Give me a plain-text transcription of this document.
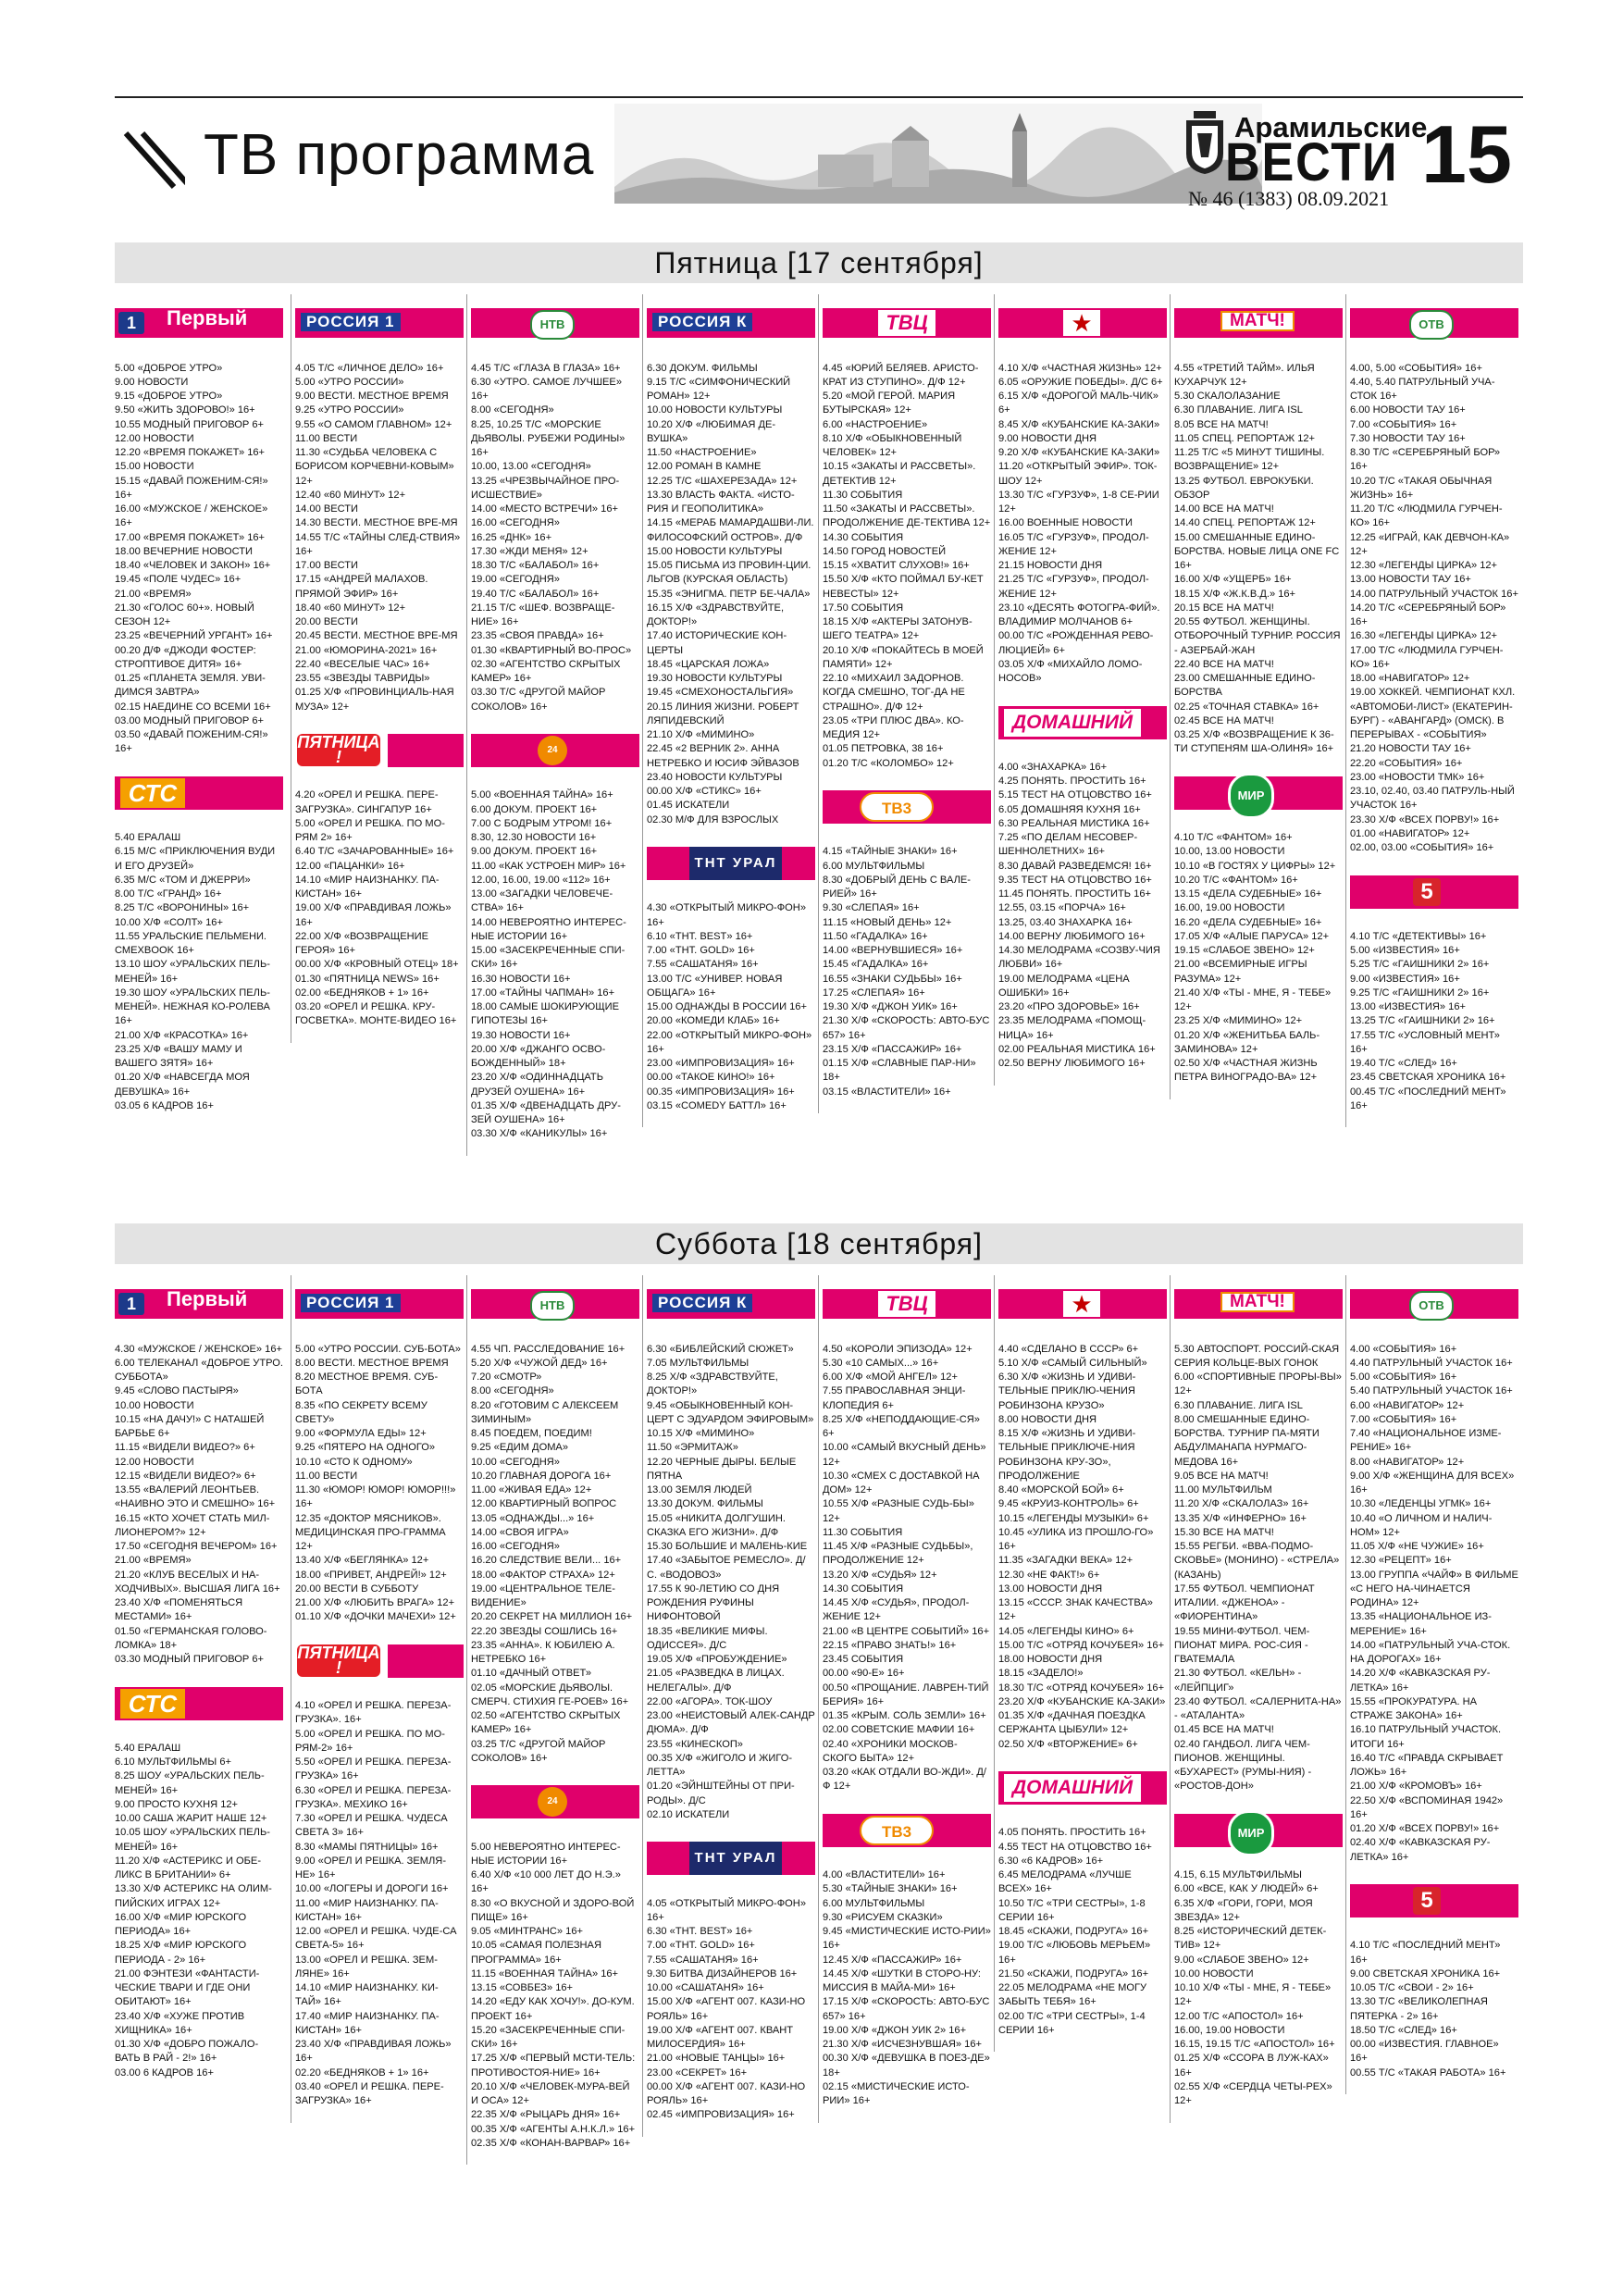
ТВ программа	Арамильские
ВЕСТИ 15
№ 46 (1383) 08.09.2021
Пятница [17 сентября]

1	Первый

5.00 «ДОБРОЕ УТРО»
9.00 НОВОСТИ
9.15 «ДОБРОЕ УТРО»
9.50 «ЖИТЬ ЗДОРОВО!» 16+
10.55 МОДНЫЙ ПРИГОВОР 6+
12.00 НОВОСТИ
12.20 «ВРЕМЯ ПОКАЖЕТ» 16+
15.00 НОВОСТИ
15.15 «ДАВАЙ ПОЖЕНИМ-СЯ!» 16+
16.00 «МУЖСКОЕ / ЖЕНСКОЕ» 16+
17.00 «ВРЕМЯ ПОКАЖЕТ» 16+
18.00 ВЕЧЕРНИЕ НОВОСТИ
18.40 «ЧЕЛОВЕК И ЗАКОН» 16+
19.45 «ПОЛЕ ЧУДЕС» 16+
21.00 «ВРЕМЯ»
21.30 «ГОЛОС 60+». НОВЫЙ СЕЗОН 12+
23.25 «ВЕЧЕРНИЙ УРГАНТ» 16+
00.20 Д/Ф «ДЖОДИ ФОСТЕР: СТРОПТИВОЕ ДИТЯ» 16+
01.25 «ПЛАНЕТА ЗЕМЛЯ. УВИ-ДИМСЯ ЗАВТРА»
02.15 НАЕДИНЕ СО ВСЕМИ 16+
03.00 МОДНЫЙ ПРИГОВОР 6+
03.50 «ДАВАЙ ПОЖЕНИМ-СЯ!» 16+

СТС

5.40 ЕРАЛАШ
6.15 М/С «ПРИКЛЮЧЕНИЯ ВУДИ И ЕГО ДРУЗЕЙ»
6.35 М/С «ТОМ И ДЖЕРРИ»
8.00 Т/С «ГРАНД» 16+
8.25 Т/С «ВОРОНИНЫ» 16+
10.00 Х/Ф «СОЛТ» 16+
11.55 УРАЛЬСКИЕ ПЕЛЬМЕНИ. СМЕХBOOK 16+
13.10 ШОУ «УРАЛЬСКИХ ПЕЛЬ-МЕНЕЙ» 16+
19.30 ШОУ «УРАЛЬСКИХ ПЕЛЬ-МЕНЕЙ». НЕЖНАЯ КО-РОЛЕВА 16+
21.00 Х/Ф «КРАСОТКА» 16+
23.25 Х/Ф «ВАШУ МАМУ И ВАШЕГО ЗЯТЯ» 16+
01.20 Х/Ф «НАВСЕГДА МОЯ ДЕВУШКА» 16+
03.05 6 КАДРОВ 16+

РОССИЯ 1

4.05 Т/С «ЛИЧНОЕ ДЕЛО» 16+
5.00 «УТРО РОССИИ»
9.00 ВЕСТИ. МЕСТНОЕ ВРЕМЯ
9.25 «УТРО РОССИИ»
9.55 «О САМОМ ГЛАВНОМ» 12+
11.00 ВЕСТИ
11.30 «СУДЬБА ЧЕЛОВЕКА С БОРИСОМ КОРЧЕВНИ-КОВЫМ» 12+
12.40 «60 МИНУТ» 12+
14.00 ВЕСТИ
14.30 ВЕСТИ. МЕСТНОЕ ВРЕ-МЯ
14.55 Т/С «ТАЙНЫ СЛЕД-СТВИЯ» 16+
17.00 ВЕСТИ
17.15 «АНДРЕЙ МАЛАХОВ. ПРЯМОЙ ЭФИР» 16+
18.40 «60 МИНУТ» 12+
20.00 ВЕСТИ
20.45 ВЕСТИ. МЕСТНОЕ ВРЕ-МЯ
21.00 «ЮМОРИНА-2021» 16+
22.40 «ВЕСЕЛЫЕ ЧАС» 16+
23.55 «ЗВЕЗДЫ ТАВРИДЫ»
01.25 Х/Ф «ПРОВИНЦИАЛЬ-НАЯ МУЗА» 12+

ПЯТНИЦА!

4.20 «ОРЕЛ И РЕШКА. ПЕРЕ-ЗАГРУЗКА». СИНГАПУР 16+
5.00 «ОРЕЛ И РЕШКА. ПО МО-РЯМ 2» 16+
6.40 Т/С «ЗАЧАРОВАННЫЕ» 16+
12.00 «ПАЦАНКИ» 16+
14.10 «МИР НАИЗНАНКУ. ПА-КИСТАН» 16+
19.00 Х/Ф «ПРАВДИВАЯ ЛОЖЬ» 16+
22.00 Х/Ф «ВОЗВРАЩЕНИЕ ГЕРОЯ» 16+
00.00 Х/Ф «КРОВНЫЙ ОТЕЦ» 18+
01.30 «ПЯТНИЦА NEWS» 16+
02.00 «БЕДНЯКОВ + 1» 16+
03.20 «ОРЕЛ И РЕШКА. КРУ-ГОСВЕТКА». МОНТЕ-ВИДЕО 16+

НТВ

4.45 Т/С «ГЛАЗА В ГЛАЗА» 16+
6.30 «УТРО. САМОЕ ЛУЧШЕЕ» 16+
8.00 «СЕГОДНЯ»
8.25, 10.25 Т/С «МОРСКИЕ ДЬЯВОЛЫ. РУБЕЖИ РОДИНЫ» 16+
10.00, 13.00 «СЕГОДНЯ»
13.25 «ЧРЕЗВЫЧАЙНОЕ ПРО-ИСШЕСТВИЕ»
14.00 «МЕСТО ВСТРЕЧИ» 16+
16.00 «СЕГОДНЯ»
16.25 «ДНК» 16+
17.30 «ЖДИ МЕНЯ» 12+
18.30 Т/С «БАЛАБОЛ» 16+
19.00 «СЕГОДНЯ»
19.40 Т/С «БАЛАБОЛ» 16+
21.15 Т/С «ШЕФ. ВОЗВРАЩЕ-НИЕ» 16+
23.35 «СВОЯ ПРАВДА» 16+
01.30 «КВАРТИРНЫЙ ВО-ПРОС»
02.30 «АГЕНТСТВО СКРЫТЫХ КАМЕР» 16+
03.30 Т/С «ДРУГОЙ МАЙОР СОКОЛОВ» 16+

24

5.00 «ВОЕННАЯ ТАЙНА» 16+
6.00 ДОКУМ. ПРОЕКТ 16+
7.00 С БОДРЫМ УТРОМ! 16+
8.30, 12.30 НОВОСТИ 16+
9.00 ДОКУМ. ПРОЕКТ 16+
11.00 «КАК УСТРОЕН МИР» 16+
12.00, 16.00, 19.00 «112» 16+
13.00 «ЗАГАДКИ ЧЕЛОВЕЧЕ-СТВА» 16+
14.00 НЕВЕРОЯТНО ИНТЕРЕС-НЫЕ ИСТОРИИ 16+
15.00 «ЗАСЕКРЕЧЕННЫЕ СПИ-СКИ» 16+
16.30 НОВОСТИ 16+
17.00 «ТАЙНЫ ЧАПМАН» 16+
18.00 САМЫЕ ШОКИРУЮЩИЕ ГИПОТЕЗЫ 16+
19.30 НОВОСТИ 16+
20.00 Х/Ф «ДЖАНГО ОСВО-БОЖДЕННЫЙ» 18+
23.20 Х/Ф «ОДИННАДЦАТЬ ДРУЗЕЙ ОУШЕНА» 16+
01.35 Х/Ф «ДВЕНАДЦАТЬ ДРУ-ЗЕЙ ОУШЕНА» 16+
03.30 Х/Ф «КАНИКУЛЫ» 16+

РОССИЯ К

6.30 ДОКУМ. ФИЛЬМЫ
9.15 Т/С «СИМФОНИЧЕСКИЙ РОМАН» 12+
10.00 НОВОСТИ КУЛЬТУРЫ
10.20 Х/Ф «ЛЮБИМАЯ ДЕ-ВУШКА»
11.50 «НАСТРОЕНИЕ»
12.00 РОМАН В КАМНЕ
12.25 Т/С «ШАХЕРЕЗАДА» 12+
13.30 ВЛАСТЬ ФАКТА. «ИСТО-РИЯ И ГЕОПОЛИТИКА»
14.15 «МЕРАБ МАМАРДАШВИ-ЛИ. ФИЛОСОФСКИЙ ОСТРОВ». Д/Ф
15.00 НОВОСТИ КУЛЬТУРЫ
15.05 ПИСЬМА ИЗ ПРОВИН-ЦИИ. ЛЬГОВ (КУРСКАЯ ОБЛАСТЬ)
15.35 «ЭНИГМА. ПЕТР БЕ-ЧАЛА»
16.15 Х/Ф «ЗДРАВСТВУЙТЕ, ДОКТОР!»
17.40 ИСТОРИЧЕСКИЕ КОН-ЦЕРТЫ
18.45 «ЦАРСКАЯ ЛОЖА»
19.30 НОВОСТИ КУЛЬТУРЫ
19.45 «СМЕХОНОСТАЛЬГИЯ»
20.15 ЛИНИЯ ЖИЗНИ. РОБЕРТ ЛЯПИДЕВСКИЙ
21.10 Х/Ф «МИМИНО»
22.45 «2 ВЕРНИК 2». АННА НЕТРЕБКО И ЮСИФ ЭЙВАЗОВ
23.40 НОВОСТИ КУЛЬТУРЫ
00.00 Х/Ф «СТИКС» 16+
01.45 ИСКАТЕЛИ
02.30 М/Ф ДЛЯ ВЗРОСЛЫХ

ТНТ УРАЛ

4.30 «ОТКРЫТЫЙ МИКРО-ФОН» 16+
6.10 «THT. BEST» 16+
7.00 «THT. GOLD» 16+
7.55 «САШАТАНЯ» 16+
13.00 Т/С «УНИВЕР. НОВАЯ ОБЩАГА» 16+
15.00 ОДНАЖДЫ В РОССИИ 16+
20.00 «КОМЕДИ КЛАБ» 16+
22.00 «ОТКРЫТЫЙ МИКРО-ФОН» 16+
23.00 «ИМПРОВИЗАЦИЯ» 16+
00.00 «ТАКОЕ КИНО!» 16+
00.35 «ИМПРОВИЗАЦИЯ» 16+
03.15 «COMEDY БАТТЛ» 16+

ТВЦ

4.45 «ЮРИЙ БЕЛЯЕВ. АРИСТО-КРАТ ИЗ СТУПИНО». Д/Ф 12+
5.20 «МОЙ ГЕРОЙ. МАРИЯ БУТЫРСКАЯ» 12+
6.00 «НАСТРОЕНИЕ»
8.10 Х/Ф «ОБЫКНОВЕННЫЙ ЧЕЛОВЕК» 12+
10.15 «ЗАКАТЫ И РАССВЕТЫ». ДЕТЕКТИВ 12+
11.30 СОБЫТИЯ
11.50 «ЗАКАТЫ И РАССВЕТЫ». ПРОДОЛЖЕНИЕ ДЕ-ТЕКТИВА 12+
14.30 СОБЫТИЯ
14.50 ГОРОД НОВОСТЕЙ
15.15 «ХВАТИТ СЛУХОВ!» 16+
15.50 Х/Ф «КТО ПОЙМАЛ БУ-КЕТ НЕВЕСТЫ» 12+
17.50 СОБЫТИЯ
18.15 Х/Ф «АКТЕРЫ ЗАТОНУВ-ШЕГО ТЕАТРА» 12+
20.10 Х/Ф «ПОКАЙТЕСЬ В МОЕЙ ПАМЯТИ» 12+
22.10 «МИХАИЛ ЗАДОРНОВ. КОГДА СМЕШНО, ТОГ-ДА НЕ СТРАШНО». Д/Ф 12+
23.05 «ТРИ ПЛЮС ДВА». КО-МЕДИЯ 12+
01.05 ПЕТРОВКА, 38 16+
01.20 Т/С «КОЛОМБО» 12+

ТВ3

4.15 «ТАЙНЫЕ ЗНАКИ» 16+
6.00 МУЛЬТФИЛЬМЫ
8.30 «ДОБРЫЙ ДЕНЬ С ВАЛЕ-РИЕЙ» 16+
9.30 «СЛЕПАЯ» 16+
11.15 «НОВЫЙ ДЕНЬ» 12+
11.50 «ГАДАЛКА» 16+
14.00 «ВЕРНУВШИЕСЯ» 16+
15.45 «ГАДАЛКА» 16+
16.55 «ЗНАКИ СУДЬБЫ» 16+
17.25 «СЛЕПАЯ» 16+
19.30 Х/Ф «ДЖОН УИК» 16+
21.30 Х/Ф «СКОРОСТЬ: АВТО-БУС 657» 16+
23.15 Х/Ф «ПАССАЖИР» 16+
01.15 Х/Ф «СЛАВНЫЕ ПАР-НИ» 18+
03.15 «ВЛАСТИТЕЛИ» 16+

★

4.10 Х/Ф «ЧАСТНАЯ ЖИЗНЬ» 12+
6.05 «ОРУЖИЕ ПОБЕДЫ». Д/С 6+
6.15 Х/Ф «ДОРОГОЙ МАЛЬ-ЧИК» 6+
8.45 Х/Ф «КУБАНСКИЕ КА-ЗАКИ»
9.00 НОВОСТИ ДНЯ
9.20 Х/Ф «КУБАНСКИЕ КА-ЗАКИ»
11.20 «ОТКРЫТЫЙ ЭФИР». ТОК-ШОУ 12+
13.30 Т/С «ГУРЗУФ», 1-8 СЕ-РИИ 12+
16.00 ВОЕННЫЕ НОВОСТИ
16.05 Т/С «ГУРЗУФ», ПРОДОЛ-ЖЕНИЕ 12+
21.15 НОВОСТИ ДНЯ
21.25 Т/С «ГУРЗУФ», ПРОДОЛ-ЖЕНИЕ 12+
23.10 «ДЕСЯТЬ ФОТОГРА-ФИЙ». ВЛАДИМИР МОЛЧАНОВ 6+
00.00 Т/С «РОЖДЕННАЯ РЕВО-ЛЮЦИЕЙ» 6+
03.05 Х/Ф «МИХАЙЛО ЛОМО-НОСОВ»

ДОМАШНИЙ

4.00 «ЗНАХАРКА» 16+
4.25 ПОНЯТЬ. ПРОСТИТЬ 16+
5.15 ТЕСТ НА ОТЦОВСТВО 16+
6.05 ДОМАШНЯЯ КУХНЯ 16+
6.30 РЕАЛЬНАЯ МИСТИКА 16+
7.25 «ПО ДЕЛАМ НЕСОВЕР-ШЕННОЛЕТНИХ» 16+
8.30 ДАВАЙ РАЗВЕДЕМСЯ! 16+
9.35 ТЕСТ НА ОТЦОВСТВО 16+
11.45 ПОНЯТЬ. ПРОСТИТЬ 16+
12.55, 03.15 «ПОРЧА» 16+
13.25, 03.40 ЗНАХАРКА 16+
14.00 ВЕРНУ ЛЮБИМОГО 16+
14.30 МЕЛОДРАМА «СОЗВУ-ЧИЯ ЛЮБВИ» 16+
19.00 МЕЛОДРАМА «ЦЕНА ОШИБКИ» 16+
23.20 «ПРО ЗДОРОВЬЕ» 16+
23.35 МЕЛОДРАМА «ПОМОЩ-НИЦА» 16+
02.00 РЕАЛЬНАЯ МИСТИКА 16+
02.50 ВЕРНУ ЛЮБИМОГО 16+

МАТЧ!

4.55 «ТРЕТИЙ ТАЙМ». ИЛЬЯ КУХАРЧУК 12+
5.30 СКАЛОЛАЗАНИЕ
6.30 ПЛАВАНИЕ. ЛИГА ISL
8.05 ВСЕ НА МАТЧ!
11.05 СПЕЦ. РЕПОРТАЖ 12+
11.25 Т/С «5 МИНУТ ТИШИНЫ. ВОЗВРАЩЕНИЕ» 12+
13.25 ФУТБОЛ. ЕВРОКУБКИ. ОБЗОР
14.00 ВСЕ НА МАТЧ!
14.40 СПЕЦ. РЕПОРТАЖ 12+
15.00 СМЕШАННЫЕ ЕДИНО-БОРСТВА. НОВЫЕ ЛИЦА ONE FC 16+
16.00 Х/Ф «УЩЕРБ» 16+
18.15 Х/Ф «Ж.К.В.Д.» 16+
20.15 ВСЕ НА МАТЧ!
20.55 ФУТБОЛ. ЖЕНЩИНЫ. ОТБОРОЧНЫЙ ТУРНИР. РОССИЯ - АЗЕРБАЙ-ЖАН
22.40 ВСЕ НА МАТЧ!
23.00 СМЕШАННЫЕ ЕДИНО-БОРСТВА
02.25 «ТОЧНАЯ СТАВКА» 16+
02.45 ВСЕ НА МАТЧ!
03.25 Х/Ф «ВОЗВРАЩЕНИЕ К 36-ТИ СТУПЕНЯМ ША-ОЛИНЯ» 16+

МИР

4.10 Т/С «ФАНТОМ» 16+
10.00, 13.00 НОВОСТИ
10.10 «В ГОСТЯХ У ЦИФРЫ» 12+
10.20 Т/С «ФАНТОМ» 16+
13.15 «ДЕЛА СУДЕБНЫЕ» 16+
16.00, 19.00 НОВОСТИ
16.20 «ДЕЛА СУДЕБНЫЕ» 16+
17.05 Х/Ф «АЛЫЕ ПАРУСА» 12+
19.15 «СЛАБОЕ ЗВЕНО» 12+
21.00 «ВСЕМИРНЫЕ ИГРЫ РАЗУМА» 12+
21.40 Х/Ф «ТЫ - МНЕ, Я - ТЕБЕ» 12+
23.25 Х/Ф «МИМИНО» 12+
01.20 Х/Ф «ЖЕНИТЬБА БАЛЬ-ЗАМИНОВА» 12+
02.50 Х/Ф «ЧАСТНАЯ ЖИЗНЬ ПЕТРА ВИНОГРАДО-ВА» 12+

ОТВ

4.00, 5.00 «СОБЫТИЯ» 16+
4.40, 5.40 ПАТРУЛЬНЫЙ УЧА-СТОК 16+
6.00 НОВОСТИ ТАУ 16+
7.00 «СОБЫТИЯ» 16+
7.30 НОВОСТИ ТАУ 16+
8.30 Т/С «СЕРЕБРЯНЫЙ БОР» 16+
10.20 Т/С «ТАКАЯ ОБЫЧНАЯ ЖИЗНЬ» 16+
11.20 Т/С «ЛЮДМИЛА ГУРЧЕН-КО» 16+
12.25 «ИГРАЙ, КАК ДЕВЧОН-КА» 12+
12.30 «ЛЕГЕНДЫ ЦИРКА» 12+
13.00 НОВОСТИ ТАУ 16+
14.00 ПАТРУЛЬНЫЙ УЧАСТОК 16+
14.20 Т/С «СЕРЕБРЯНЫЙ БОР» 16+
16.30 «ЛЕГЕНДЫ ЦИРКА» 12+
17.00 Т/С «ЛЮДМИЛА ГУРЧЕН-КО» 16+
18.00 «НАВИГАТОР» 12+
19.00 ХОККЕЙ. ЧЕМПИОНАТ КХЛ. «АВТОМОБИ-ЛИСТ» (ЕКАТЕРИН-БУРГ) - «АВАНГАРД» (ОМСК). В ПЕРЕРЫВАХ - «СОБЫТИЯ»
21.20 НОВОСТИ ТАУ 16+
22.20 «СОБЫТИЯ» 16+
23.00 «НОВОСТИ ТМК» 16+
23.10, 02.40, 03.40 ПАТРУЛЬ-НЫЙ УЧАСТОК 16+
23.30 Х/Ф «ВСЕХ ПОРВУ!» 16+
01.00 «НАВИГАТОР» 12+
02.00, 03.00 «СОБЫТИЯ» 16+

5

4.10 Т/С «ДЕТЕКТИВЫ» 16+
5.00 «ИЗВЕСТИЯ» 16+
5.25 Т/С «ГАИШНИКИ 2» 16+
9.00 «ИЗВЕСТИЯ» 16+
9.25 Т/С «ГАИШНИКИ 2» 16+
13.00 «ИЗВЕСТИЯ» 16+
13.25 Т/С «ГАИШНИКИ 2» 16+
17.55 Т/С «УСЛОВНЫЙ МЕНТ» 16+
19.40 Т/С «СЛЕД» 16+
23.45 СВЕТСКАЯ ХРОНИКА 16+
00.45 Т/С «ПОСЛЕДНИЙ МЕНТ» 16+

Суббота [18 сентября]

1	Первый

4.30 «МУЖСКОЕ / ЖЕНСКОЕ» 16+
6.00 ТЕЛЕКАНАЛ «ДОБРОЕ УТРО. СУББОТА»
9.45 «СЛОВО ПАСТЫРЯ»
10.00 НОВОСТИ
10.15 «НА ДАЧУ!» С НАТАШЕЙ БАРБЬЕ 6+
11.15 «ВИДЕЛИ ВИДЕО?» 6+
12.00 НОВОСТИ
12.15 «ВИДЕЛИ ВИДЕО?» 6+
13.55 «ВАЛЕРИЙ ЛЕОНТЬЕВ. «НАИВНО ЭТО И СМЕШНО» 16+
16.15 «КТО ХОЧЕТ СТАТЬ МИЛ-ЛИОНЕРОМ?» 12+
17.50 «СЕГОДНЯ ВЕЧЕРОМ» 16+
21.00 «ВРЕМЯ»
21.20 «КЛУБ ВЕСЕЛЫХ И НА-ХОДЧИВЫХ». ВЫСШАЯ ЛИГА 16+
23.40 Х/Ф «ПОМЕНЯТЬСЯ МЕСТАМИ» 16+
01.50 «ГЕРМАНСКАЯ ГОЛОВО-ЛОМКА» 18+
03.30 МОДНЫЙ ПРИГОВОР 6+

СТС

5.40 ЕРАЛАШ
6.10 МУЛЬТФИЛЬМЫ 6+
8.25 ШОУ «УРАЛЬСКИХ ПЕЛЬ-МЕНЕЙ» 16+
9.00 ПРОСТО КУХНЯ 12+
10.00 САША ЖАРИТ НАШЕ 12+
10.05 ШОУ «УРАЛЬСКИХ ПЕЛЬ-МЕНЕЙ» 16+
11.20 Х/Ф «АСТЕРИКС И ОБЕ-ЛИКС В БРИТАНИИ» 6+
13.30 Х/Ф АСТЕРИКС НА ОЛИМ-ПИЙСКИХ ИГРАХ 12+
16.00 Х/Ф «МИР ЮРСКОГО ПЕРИОДА» 16+
18.25 Х/Ф «МИР ЮРСКОГО ПЕРИОДА - 2» 16+
21.00 ФЭНТЕЗИ «ФАНТАСТИ-ЧЕСКИЕ ТВАРИ И ГДЕ ОНИ ОБИТАЮТ» 16+
23.40 Х/Ф «ХУЖЕ ПРОТИВ ХИЩНИКА» 16+
01.30 Х/Ф «ДОБРО ПОЖАЛО-ВАТЬ В РАЙ - 2!» 16+
03.00 6 КАДРОВ 16+

РОССИЯ 1

5.00 «УТРО РОССИИ. СУБ-БОТА»
8.00 ВЕСТИ. МЕСТНОЕ ВРЕМЯ
8.20 МЕСТНОЕ ВРЕМЯ. СУБ-БОТА
8.35 «ПО СЕКРЕТУ ВСЕМУ СВЕТУ»
9.00 «ФОРМУЛА ЕДЫ» 12+
9.25 «ПЯТЕРО НА ОДНОГО»
10.10 «СТО К ОДНОМУ»
11.00 ВЕСТИ
11.30 «ЮМОР! ЮМОР! ЮМОР!!!» 16+
12.35 «ДОКТОР МЯСНИКОВ». МЕДИЦИНСКАЯ ПРО-ГРАММА 12+
13.40 Х/Ф «БЕГЛЯНКА» 12+
18.00 «ПРИВЕТ, АНДРЕЙ!» 12+
20.00 ВЕСТИ В СУББОТУ
21.00 Х/Ф «ЛЮБИТЬ ВРАГА» 12+
01.10 Х/Ф «ДОЧКИ МАЧЕХИ» 12+

ПЯТНИЦА!

4.10 «ОРЕЛ И РЕШКА. ПЕРЕЗА-ГРУЗКА». 16+
5.00 «ОРЕЛ И РЕШКА. ПО МО-РЯМ-2» 16+
5.50 «ОРЕЛ И РЕШКА. ПЕРЕЗА-ГРУЗКА» 16+
6.30 «ОРЕЛ И РЕШКА. ПЕРЕЗА-ГРУЗКА». МЕХИКО 16+
7.30 «ОРЕЛ И РЕШКА. ЧУДЕСА СВЕТА 3» 16+
8.30 «МАМЫ ПЯТНИЦЫ» 16+
9.00 «ОРЕЛ И РЕШКА. ЗЕМЛЯ-НЕ» 16+
10.00 «ЛОГЕРЫ И ДОРОГИ 16+
11.00 «МИР НАИЗНАНКУ. ПА-КИСТАН» 16+
12.00 «ОРЕЛ И РЕШКА. ЧУДЕ-СА СВЕТА-5» 16+
13.00 «ОРЕЛ И РЕШКА. ЗЕМ-ЛЯНЕ» 16+
14.10 «МИР НАИЗНАНКУ. КИ-ТАЙ» 16+
17.40 «МИР НАИЗНАНКУ. ПА-КИСТАН» 16+
23.40 Х/Ф «ПРАВДИВАЯ ЛОЖЬ» 16+
02.20 «БЕДНЯКОВ + 1» 16+
03.40 «ОРЕЛ И РЕШКА. ПЕРЕ-ЗАГРУЗКА» 16+

НТВ

4.55 ЧП. РАССЛЕДОВАНИЕ 16+
5.20 Х/Ф «ЧУЖОЙ ДЕД» 16+
7.20 «СМОТР»
8.00 «СЕГОДНЯ»
8.20 «ГОТОВИМ С АЛЕКСЕЕМ ЗИМИНЫМ»
8.45 ПОЕДЕМ, ПОЕДИМ!
9.25 «ЕДИМ ДОМА»
10.00 «СЕГОДНЯ»
10.20 ГЛАВНАЯ ДОРОГА 16+
11.00 «ЖИВАЯ ЕДА» 12+
12.00 КВАРТИРНЫЙ ВОПРОС
13.05 «ОДНАЖДЫ...» 16+
14.00 «СВОЯ ИГРА»
16.00 «СЕГОДНЯ»
16.20 СЛЕДСТВИЕ ВЕЛИ... 16+
18.00 «ФАКТОР СТРАХА» 12+
19.00 «ЦЕНТРАЛЬНОЕ ТЕЛЕ-ВИДЕНИЕ»
20.20 СЕКРЕТ НА МИЛЛИОН 16+
22.20 ЗВЕЗДЫ СОШЛИСЬ 16+
23.35 «АННА». К ЮБИЛЕЮ А. НЕТРЕБКО 16+
01.10 «ДАЧНЫЙ ОТВЕТ»
02.05 «МОРСКИЕ ДЬЯВОЛЫ. СМЕРЧ. СТИХИЯ ГЕ-РОЕВ» 16+
02.50 «АГЕНТСТВО СКРЫТЫХ КАМЕР» 16+
03.25 Т/С «ДРУГОЙ МАЙОР СОКОЛОВ» 16+

24

5.00 НЕВЕРОЯТНО ИНТЕРЕС-НЫЕ ИСТОРИИ 16+
6.40 Х/Ф «10 000 ЛЕТ ДО Н.Э.» 16+
8.30 «О ВКУСНОЙ И ЗДОРО-ВОЙ ПИЩЕ» 16+
9.05 «МИНТРАНС» 16+
10.05 «САМАЯ ПОЛЕЗНАЯ ПРОГРАММА» 16+
11.15 «ВОЕННАЯ ТАЙНА» 16+
13.15 «СОВБЕЗ» 16+
14.20 «ЕДУ КАК ХОЧУ!». ДО-КУМ. ПРОЕКТ 16+
15.20 «ЗАСЕКРЕЧЕННЫЕ СПИ-СКИ» 16+
17.25 Х/Ф «ПЕРВЫЙ МСТИ-ТЕЛЬ: ПРОТИВОСТОЯ-НИЕ» 16+
20.10 Х/Ф «ЧЕЛОВЕК-МУРА-ВЕЙ И ОСА» 12+
22.35 Х/Ф «РЫЦАРЬ ДНЯ» 16+
00.35 Х/Ф «АГЕНТЫ А.Н.К.Л.» 16+
02.35 Х/Ф «КОНАН-ВАРВАР» 16+

РОССИЯ К

6.30 «БИБЛЕЙСКИЙ СЮЖЕТ»
7.05 МУЛЬТФИЛЬМЫ
8.25 Х/Ф «ЗДРАВСТВУЙТЕ, ДОКТОР!»
9.45 «ОБЫКНОВЕННЫЙ КОН-ЦЕРТ С ЭДУАРДОМ ЭФИРОВЫМ»
10.15 Х/Ф «МИМИНО»
11.50 «ЭРМИТАЖ»
12.20 ЧЕРНЫЕ ДЫРЫ. БЕЛЫЕ ПЯТНА
13.00 ЗЕМЛЯ ЛЮДЕЙ
13.30 ДОКУМ. ФИЛЬМЫ
15.05 «НИКИТА ДОЛГУШИН. СКАЗКА ЕГО ЖИЗНИ». Д/Ф
15.30 БОЛЬШИЕ И МАЛЕНЬ-КИЕ
17.40 «ЗАБЫТОЕ РЕМЕСЛО». Д/С. «ВОДОВОЗ»
17.55 К 90-ЛЕТИЮ СО ДНЯ РОЖДЕНИЯ РУФИНЫ НИФОНТОВОЙ
18.35 «ВЕЛИКИЕ МИФЫ. ОДИССЕЯ». Д/С
19.05 Х/Ф «ПРОБУЖДЕНИЕ»
21.05 «РАЗВЕДКА В ЛИЦАХ. НЕЛЕГАЛЫ». Д/Ф
22.00 «АГОРА». ТОК-ШОУ
23.00 «НЕИСТОВЫЙ АЛЕК-САНДР ДЮМА». Д/Ф
23.55 «КИНЕСКОП»
00.35 Х/Ф «ЖИГОЛО И ЖИГО-ЛЕТТА»
01.20 «ЭЙНШТЕЙНЫ ОТ ПРИ-РОДЫ». Д/С
02.10 ИСКАТЕЛИ

ТНТ УРАЛ

4.05 «ОТКРЫТЫЙ МИКРО-ФОН» 16+
6.30 «THT. BEST» 16+
7.00 «THT. GOLD» 16+
7.55 «САШАТАНЯ» 16+
9.30 БИТВА ДИЗАЙНЕРОВ 16+
10.00 «САШАТАНЯ» 16+
15.00 Х/Ф «АГЕНТ 007. КАЗИ-НО РОЯЛЬ» 16+
19.00 Х/Ф «АГЕНТ 007. КВАНТ МИЛОСЕРДИЯ» 16+
21.00 «НОВЫЕ ТАНЦЫ» 16+
23.00 «СЕКРЕТ» 16+
00.00 Х/Ф «АГЕНТ 007. КАЗИ-НО РОЯЛЬ» 16+
02.45 «ИМПРОВИЗАЦИЯ» 16+

ТВЦ

4.50 «КОРОЛИ ЭПИЗОДА» 12+
5.30 «10 САМЫХ...» 16+
6.00 Х/Ф «МОЙ АНГЕЛ» 12+
7.55 ПРАВОСЛАВНАЯ ЭНЦИ-КЛОПЕДИЯ 6+
8.25 Х/Ф «НЕПОДДАЮЩИЕ-СЯ» 6+
10.00 «САМЫЙ ВКУСНЫЙ ДЕНЬ» 12+
10.30 «СМЕХ С ДОСТАВКОЙ НА ДОМ» 12+
10.55 Х/Ф «РАЗНЫЕ СУДЬ-БЫ» 12+
11.30 СОБЫТИЯ
11.45 Х/Ф «РАЗНЫЕ СУДЬБЫ», ПРОДОЛЖЕНИЕ 12+
13.20 Х/Ф «СУДЬЯ» 12+
14.30 СОБЫТИЯ
14.45 Х/Ф «СУДЬЯ», ПРОДОЛ-ЖЕНИЕ 12+
21.00 «В ЦЕНТРЕ СОБЫТИЙ» 16+
22.15 «ПРАВО ЗНАТЬ!» 16+
23.45 СОБЫТИЯ
00.00 «90-Е» 16+
00.50 «ПРОЩАНИЕ. ЛАВРЕН-ТИЙ БЕРИЯ» 16+
01.35 «КРЫМ. СОЛЬ ЗЕМЛИ» 16+
02.00 СОВЕТСКИЕ МАФИИ 16+
02.40 «ХРОНИКИ МОСКОВ-СКОГО БЫТА» 12+
03.20 «КАК ОТДАЛИ ВО-ЖДИ». Д/Ф 12+

ТВ3

4.00 «ВЛАСТИТЕЛИ» 16+
5.30 «ТАЙНЫЕ ЗНАКИ» 16+
6.00 МУЛЬТФИЛЬМЫ
9.30 «РИСУЕМ СКАЗКИ»
9.45 «МИСТИЧЕСКИЕ ИСТО-РИИ» 16+
12.45 Х/Ф «ПАССАЖИР» 16+
14.45 Х/Ф «ШУТКИ В СТОРО-НУ: МИССИЯ В МАЙА-МИ» 16+
17.15 Х/Ф «СКОРОСТЬ: АВТО-БУС 657» 16+
19.00 Х/Ф «ДЖОН УИК 2» 16+
21.30 Х/Ф «ИСЧЕЗНУВШАЯ» 16+
00.30 Х/Ф «ДЕВУШКА В ПОЕЗ-ДЕ» 18+
02.15 «МИСТИЧЕСКИЕ ИСТО-РИИ» 16+

★

4.40 «СДЕЛАНО В СССР» 6+
5.10 Х/Ф «САМЫЙ СИЛЬНЫЙ»
6.30 Х/Ф «ЖИЗНЬ И УДИВИ-ТЕЛЬНЫЕ ПРИКЛЮ-ЧЕНИЯ РОБИНЗОНА КРУЗО»
8.00 НОВОСТИ ДНЯ
8.15 Х/Ф «ЖИЗНЬ И УДИВИ-ТЕЛЬНЫЕ ПРИКЛЮЧЕ-НИЯ РОБИНЗОНА КРУ-ЗО», ПРОДОЛЖЕНИЕ
8.40 «МОРСКОЙ БОЙ» 6+
9.45 «КРУИЗ-КОНТРОЛЬ» 6+
10.15 «ЛЕГЕНДЫ МУЗЫКИ» 6+
10.45 «УЛИКА ИЗ ПРОШЛО-ГО» 16+
11.35 «ЗАГАДКИ ВЕКА» 12+
12.30 «НЕ ФАКТ!» 6+
13.00 НОВОСТИ ДНЯ
13.15 «СССР. ЗНАК КАЧЕСТВА» 12+
14.05 «ЛЕГЕНДЫ КИНО» 6+
15.00 Т/С «ОТРЯД КОЧУБЕЯ» 16+
18.00 НОВОСТИ ДНЯ
18.15 «ЗАДЕЛО!»
18.30 Т/С «ОТРЯД КОЧУБЕЯ» 16+
23.20 Х/Ф «КУБАНСКИЕ КА-ЗАКИ»
01.35 Х/Ф «ДАЧНАЯ ПОЕЗДКА СЕРЖАНТА ЦЫБУЛИ» 12+
02.50 Х/Ф «ВТОРЖЕНИЕ» 6+

ДОМАШНИЙ

4.05 ПОНЯТЬ. ПРОСТИТЬ 16+
4.55 ТЕСТ НА ОТЦОВСТВО 16+
6.30 «6 КАДРОВ» 16+
6.45 МЕЛОДРАМА «ЛУЧШЕ ВСЕХ» 16+
10.50 Т/С «ТРИ СЕСТРЫ», 1-8 СЕРИИ 16+
18.45 «СКАЖИ, ПОДРУГА» 16+
19.00 Т/С «ЛЮБОВЬ МЕРЬЕМ» 16+
21.50 «СКАЖИ, ПОДРУГА» 16+
22.05 МЕЛОДРАМА «НЕ МОГУ ЗАБЫТЬ ТЕБЯ» 16+
02.00 Т/С «ТРИ СЕСТРЫ», 1-4 СЕРИИ 16+

МАТЧ!

5.30 АВТОСПОРТ. РОССИЙ-СКАЯ СЕРИЯ КОЛЬЦЕ-ВЫХ ГОНОК
6.00 «СПОРТИВНЫЕ ПРОРЫ-ВЫ» 12+
6.30 ПЛАВАНИЕ. ЛИГА ISL
8.00 СМЕШАННЫЕ ЕДИНО-БОРСТВА. ТУРНИР ПА-МЯТИ АБДУЛМАНАПА НУРМАГО-МЕДОВА 16+
9.05 ВСЕ НА МАТЧ!
11.00 МУЛЬТФИЛЬМ
11.20 Х/Ф «СКАЛОЛАЗ» 16+
13.35 Х/Ф «ИНФЕРНО» 16+
15.30 ВСЕ НА МАТЧ!
15.55 РЕГБИ. «ВВА-ПОДМО-СКОВЬЕ» (МОНИНО) - «СТРЕЛА» (КАЗАНЬ)
17.55 ФУТБОЛ. ЧЕМПИОНАТ ИТАЛИИ. «ДЖЕНОА» - «ФИОРЕНТИНА»
19.55 МИНИ-ФУТБОЛ. ЧЕМ-ПИОНАТ МИРА. РОС-СИЯ - ГВАТЕМАЛА
21.30 ФУТБОЛ. «КЕЛЬН» - «ЛЕЙПЦИГ»
23.40 ФУТБОЛ. «САЛЕРНИТА-НА» - «АТАЛАНТА»
01.45 ВСЕ НА МАТЧ!
02.40 ГАНДБОЛ. ЛИГА ЧЕМ-ПИОНОВ. ЖЕНЩИНЫ. «БУХАРЕСТ» (РУМЫ-НИЯ) - «РОСТОВ-ДОН»

МИР

4.15, 6.15 МУЛЬТФИЛЬМЫ
6.00 «ВСЕ, КАК У ЛЮДЕЙ» 6+
6.35 Х/Ф «ГОРИ, ГОРИ, МОЯ ЗВЕЗДА» 12+
8.25 «ИСТОРИЧЕСКИЙ ДЕТЕК-ТИВ» 12+
9.00 «СЛАБОЕ ЗВЕНО» 12+
10.00 НОВОСТИ
10.10 Х/Ф «ТЫ - МНЕ, Я - ТЕБЕ» 12+
12.00 Т/С «АПОСТОЛ» 16+
16.00, 19.00 НОВОСТИ
16.15, 19.15 Т/С «АПОСТОЛ» 16+
01.25 Х/Ф «ССОРА В ЛУЖ-КАХ» 16+
02.55 Х/Ф «СЕРДЦА ЧЕТЫ-РЕХ» 12+

ОТВ

4.00 «СОБЫТИЯ» 16+
4.40 ПАТРУЛЬНЫЙ УЧАСТОК 16+
5.00 «СОБЫТИЯ» 16+
5.40 ПАТРУЛЬНЫЙ УЧАСТОК 16+
6.00 «НАВИГАТОР» 12+
7.00 «СОБЫТИЯ» 16+
7.40 «НАЦИОНАЛЬНОЕ ИЗМЕ-РЕНИЕ» 16+
8.00 «НАВИГАТОР» 12+
9.00 Х/Ф «ЖЕНЩИНА ДЛЯ ВСЕХ» 16+
10.30 «ЛЕДЕНЦЫ УГМК» 16+
10.40 «О ЛИЧНОМ И НАЛИЧ-НОМ» 12+
11.05 Х/Ф «НЕ ЧУЖИЕ» 16+
12.30 «РЕЦЕПТ» 16+
13.00 ГРУППА «ЧАЙФ» В ФИЛЬМЕ «С НЕГО НА-ЧИНАЕТСЯ РОДИНА» 12+
13.35 «НАЦИОНАЛЬНОЕ ИЗ-МЕРЕНИЕ» 16+
14.00 «ПАТРУЛЬНЫЙ УЧА-СТОК. НА ДОРОГАХ» 16+
14.20 Х/Ф «КАВКАЗСКАЯ РУ-ЛЕТКА» 16+
15.55 «ПРОКУРАТУРА. НА СТРАЖЕ ЗАКОНА» 16+
16.10 ПАТРУЛЬНЫЙ УЧАСТОК. ИТОГИ 16+
16.40 Т/С «ПРАВДА СКРЫВАЕТ ЛОЖЬ» 16+
21.00 Х/Ф «КРОМОВЪ» 16+
22.50 Х/Ф «ВСПОМИНАЯ 1942» 16+
01.20 Х/Ф «ВСЕХ ПОРВУ!» 16+
02.40 Х/Ф «КАВКАЗСКАЯ РУ-ЛЕТКА» 16+

5

4.10 Т/С «ПОСЛЕДНИЙ МЕНТ» 16+
9.00 СВЕТСКАЯ ХРОНИКА 16+
10.05 Т/С «СВОИ - 2» 16+
13.30 Т/С «ВЕЛИКОЛЕПНАЯ ПЯТЕРКА - 2» 16+
18.50 Т/С «СЛЕД» 16+
00.00 «ИЗВЕСТИЯ. ГЛАВНОЕ» 16+
00.55 Т/С «ТАКАЯ РАБОТА» 16+
